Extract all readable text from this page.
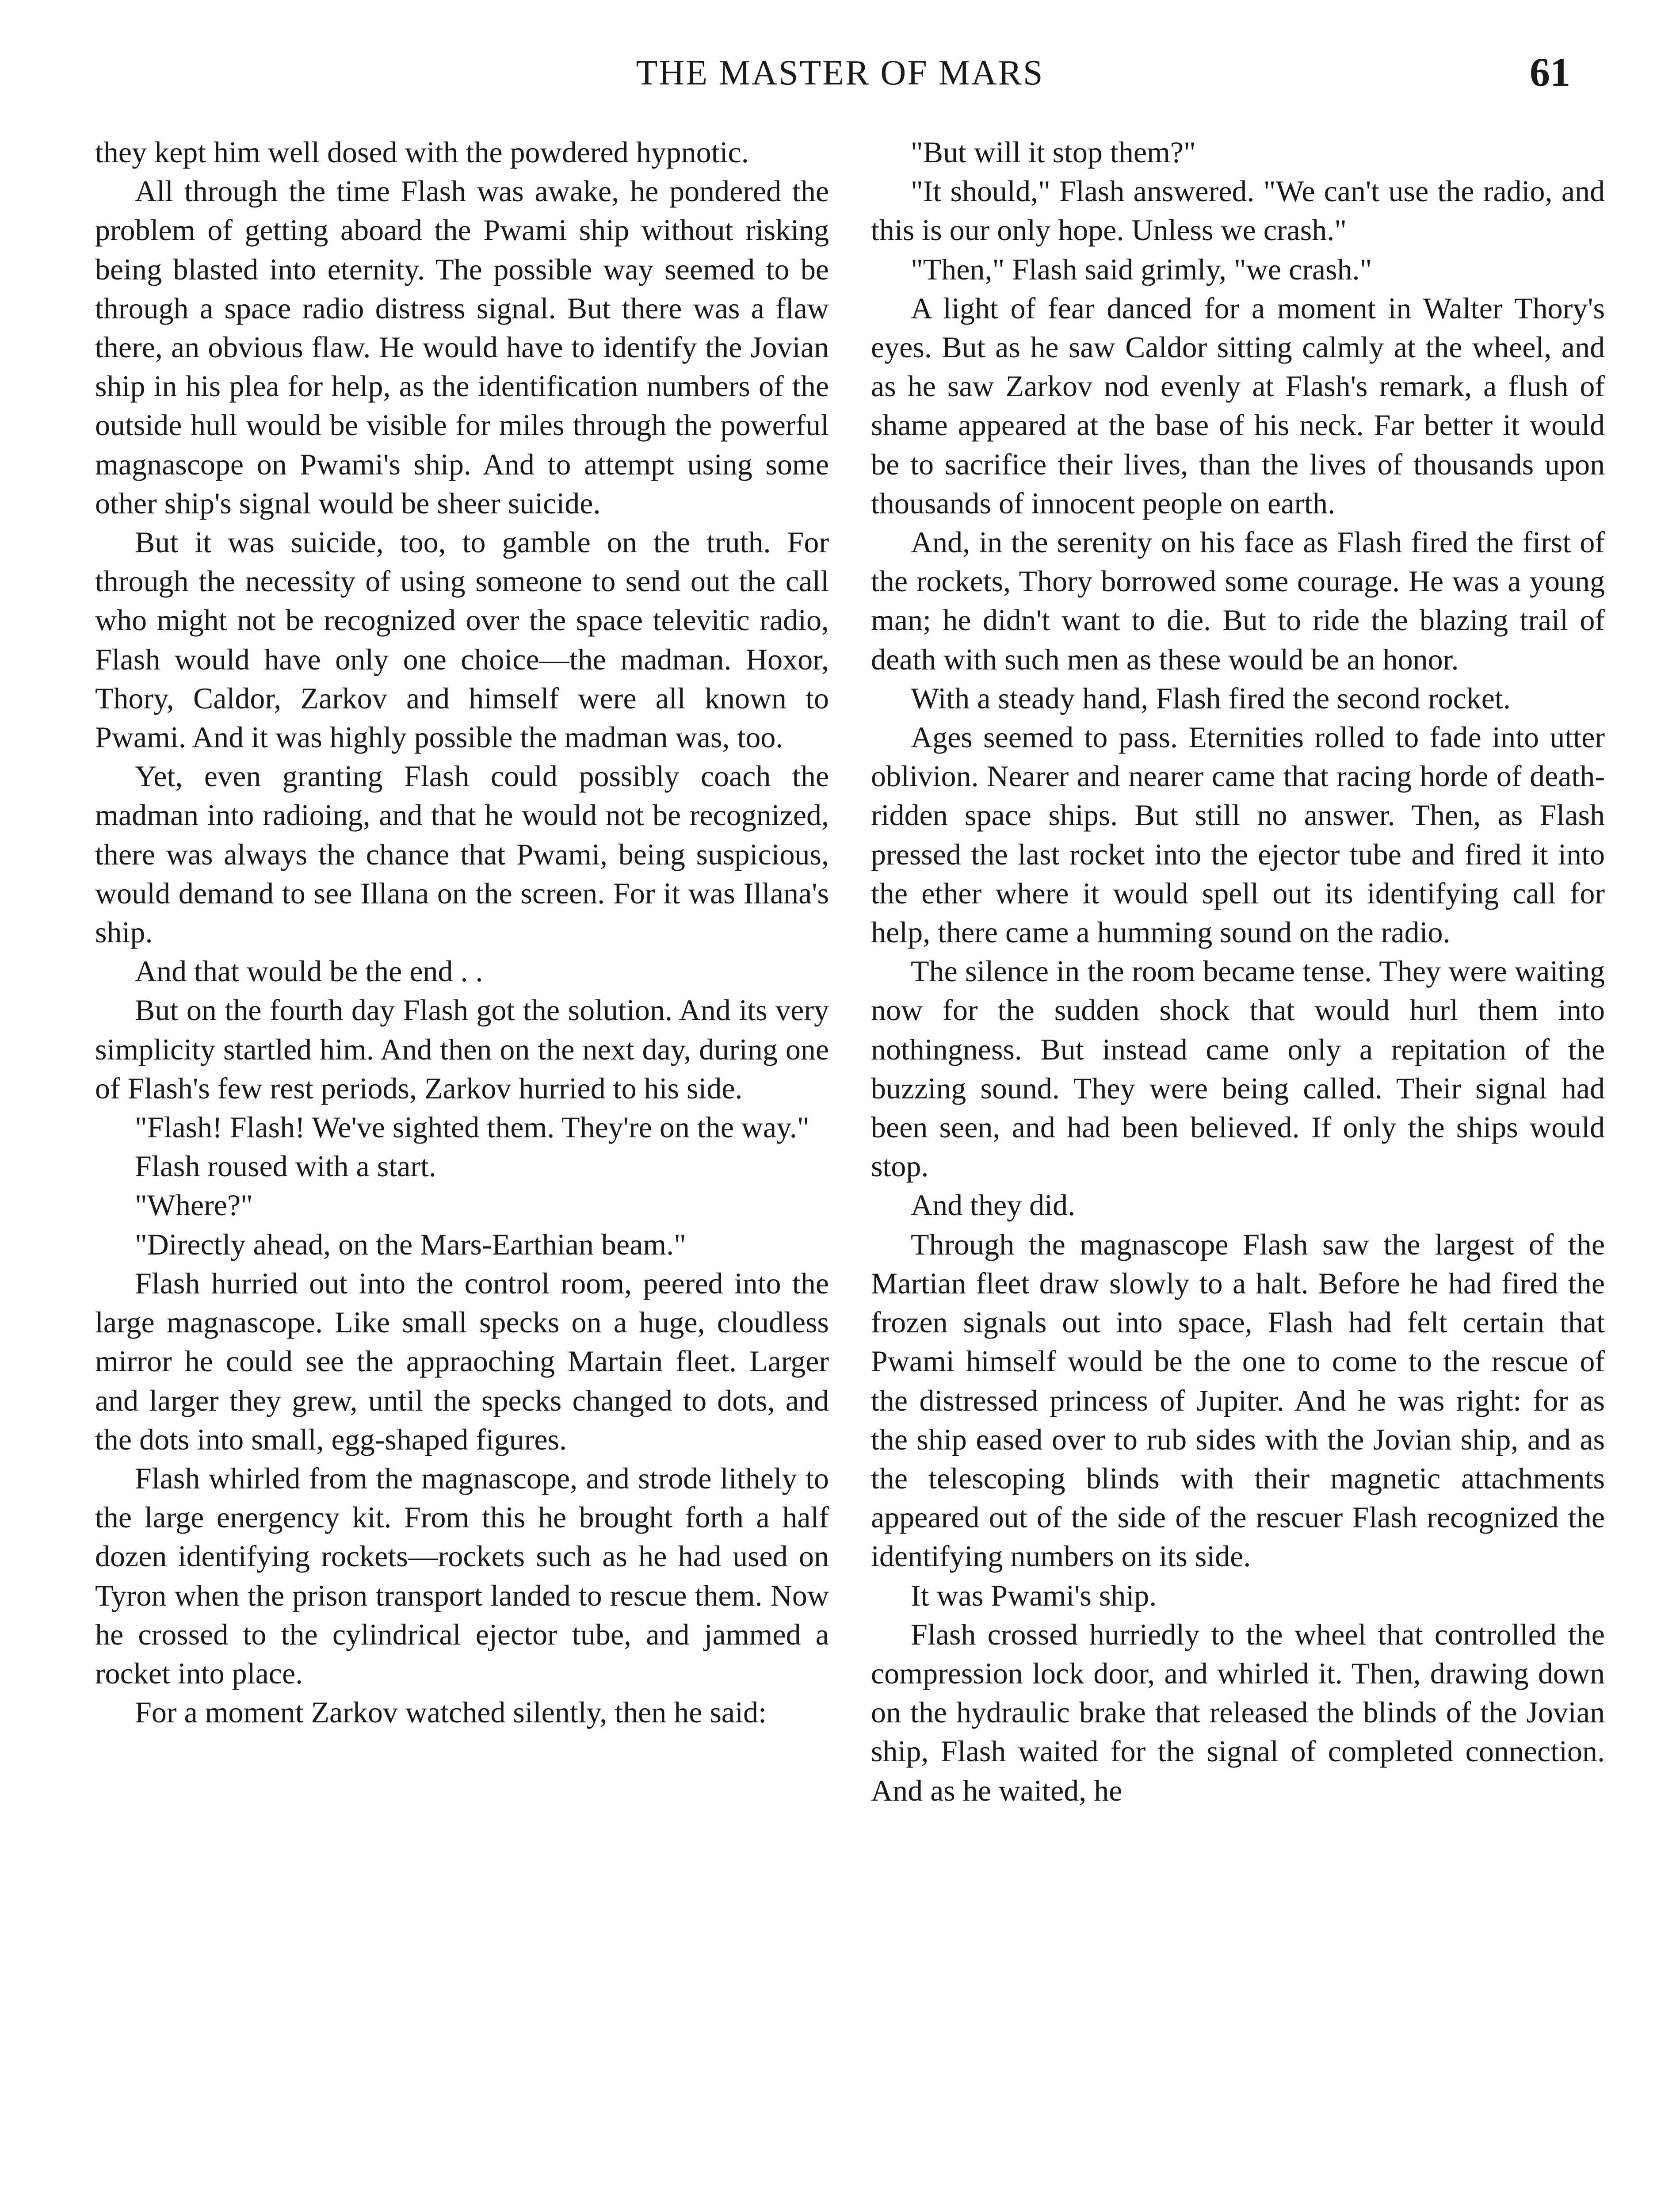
THE MASTER OF MARS	61

they kept him well dosed with the powdered hypnotic.

All through the time Flash was awake, he pondered the problem of getting aboard the Pwami ship without risking being blasted into eternity. The possible way seemed to be through a space radio distress signal. But there was a flaw there, an obvious flaw. He would have to identify the Jovian ship in his plea for help, as the identification numbers of the outside hull would be visible for miles through the powerful magnascope on Pwami's ship. And to attempt using some other ship's signal would be sheer suicide.

But it was suicide, too, to gamble on the truth. For through the necessity of using someone to send out the call who might not be recognized over the space televitic radio, Flash would have only one choice—the madman. Hoxor, Thory, Caldor, Zarkov and himself were all known to Pwami. And it was highly possible the madman was, too.

Yet, even granting Flash could possibly coach the madman into radioing, and that he would not be recognized, there was always the chance that Pwami, being suspicious, would demand to see Illana on the screen. For it was Illana's ship.

And that would be the end . .

But on the fourth day Flash got the solution. And its very simplicity startled him. And then on the next day, during one of Flash's few rest periods, Zarkov hurried to his side.

"Flash! Flash! We've sighted them. They're on the way."

Flash roused with a start.

"Where?"

"Directly ahead, on the Mars-Earthian beam."

Flash hurried out into the control room, peered into the large magnascope. Like small specks on a huge, cloudless mirror he could see the appraoching Martain fleet. Larger and larger they grew, until the specks changed to dots, and the dots into small, egg-shaped figures.

Flash whirled from the magnascope, and strode lithely to the large energency kit. From this he brought forth a half dozen identifying rockets—rockets such as he had used on Tyron when the prison transport landed to rescue them. Now he crossed to the cylindrical ejector tube, and jammed a rocket into place.

For a moment Zarkov watched silently, then he said:

"But will it stop them?"

"It should," Flash answered. "We can't use the radio, and this is our only hope. Unless we crash."

"Then," Flash said grimly, "we crash."

A light of fear danced for a moment in Walter Thory's eyes. But as he saw Caldor sitting calmly at the wheel, and as he saw Zarkov nod evenly at Flash's remark, a flush of shame appeared at the base of his neck. Far better it would be to sacrifice their lives, than the lives of thousands upon thousands of innocent people on earth.

And, in the serenity on his face as Flash fired the first of the rockets, Thory borrowed some courage. He was a young man; he didn't want to die. But to ride the blazing trail of death with such men as these would be an honor.

With a steady hand, Flash fired the second rocket.

Ages seemed to pass. Eternities rolled to fade into utter oblivion. Nearer and nearer came that racing horde of death-ridden space ships. But still no answer. Then, as Flash pressed the last rocket into the ejector tube and fired it into the ether where it would spell out its identifying call for help, there came a humming sound on the radio.

The silence in the room became tense. They were waiting now for the sudden shock that would hurl them into nothingness. But instead came only a repitation of the buzzing sound. They were being called. Their signal had been seen, and had been believed. If only the ships would stop.

And they did.

Through the magnascope Flash saw the largest of the Martian fleet draw slowly to a halt. Before he had fired the frozen signals out into space, Flash had felt certain that Pwami himself would be the one to come to the rescue of the distressed princess of Jupiter. And he was right: for as the ship eased over to rub sides with the Jovian ship, and as the telescoping blinds with their magnetic attachments appeared out of the side of the rescuer Flash recognized the identifying numbers on its side.

It was Pwami's ship.

Flash crossed hurriedly to the wheel that controlled the compression lock door, and whirled it. Then, drawing down on the hydraulic brake that released the blinds of the Jovian ship, Flash waited for the signal of completed connection. And as he waited, he
